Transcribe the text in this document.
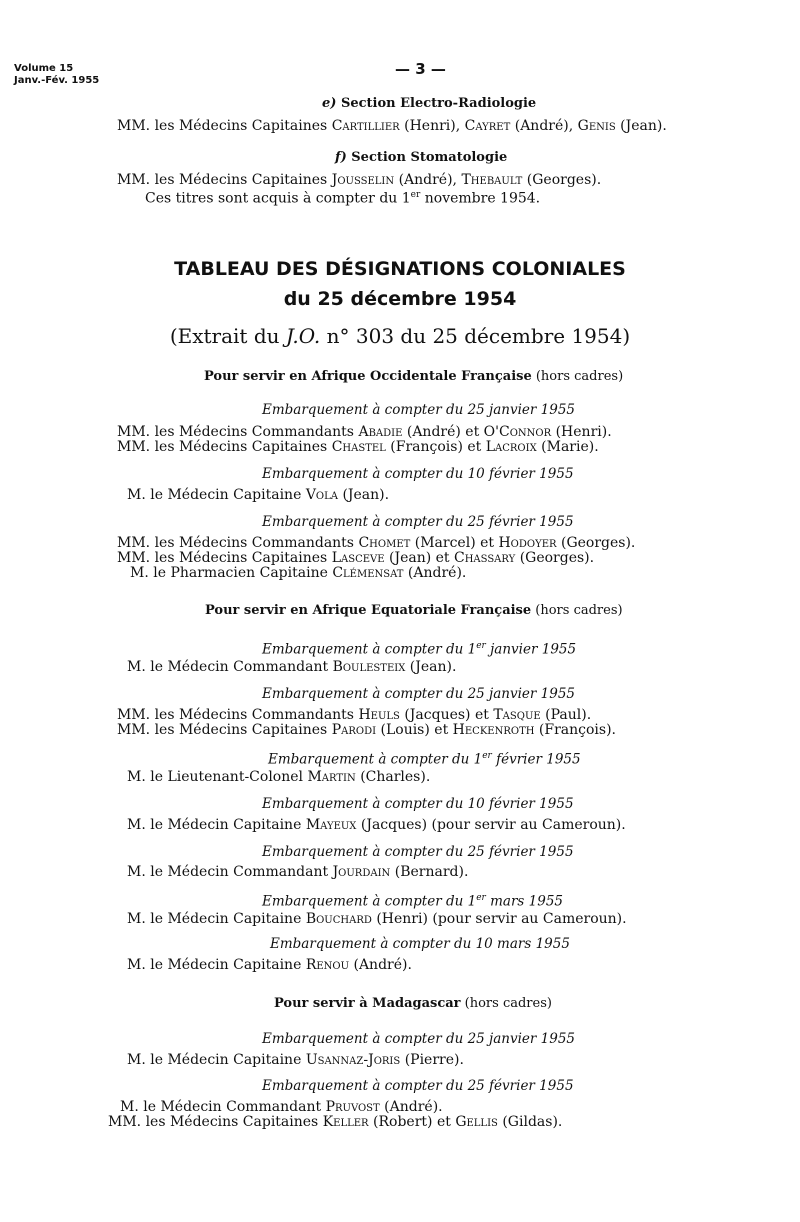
Volume 15
Janv.-Fév. 1955
— 3 —
e) Section Electro-Radiologie
MM. les Médecins Capitaines Cartillier (Henri), Cayret (André), Genis (Jean).
f) Section Stomatologie
MM. les Médecins Capitaines Jousselin (André), Thebault (Georges).
Ces titres sont acquis à compter du 1er novembre 1954.
TABLEAU DES DÉSIGNATIONS COLONIALES
du 25 décembre 1954
(Extrait du J.O. n° 303 du 25 décembre 1954)
Pour servir en Afrique Occidentale Française (hors cadres)
Embarquement à compter du 25 janvier 1955
MM. les Médecins Commandants Abadie (André) et O'Connor (Henri).
MM. les Médecins Capitaines Chastel (François) et Lacroix (Marie).
Embarquement à compter du 10 février 1955
M. le Médecin Capitaine Vola (Jean).
Embarquement à compter du 25 février 1955
MM. les Médecins Commandants Chomet (Marcel) et Hodoyer (Georges).
MM. les Médecins Capitaines Lasceve (Jean) et Chassary (Georges).
M. le Pharmacien Capitaine Clémensat (André).
Pour servir en Afrique Equatoriale Française (hors cadres)
Embarquement à compter du 1er janvier 1955
M. le Médecin Commandant Boulesteix (Jean).
Embarquement à compter du 25 janvier 1955
MM. les Médecins Commandants Heuls (Jacques) et Tasque (Paul).
MM. les Médecins Capitaines Parodi (Louis) et Heckenroth (François).
Embarquement à compter du 1er février 1955
M. le Lieutenant-Colonel Martin (Charles).
Embarquement à compter du 10 février 1955
M. le Médecin Capitaine Mayeux (Jacques) (pour servir au Cameroun).
Embarquement à compter du 25 février 1955
M. le Médecin Commandant Jourdain (Bernard).
Embarquement à compter du 1er mars 1955
M. le Médecin Capitaine Bouchard (Henri) (pour servir au Cameroun).
Embarquement à compter du 10 mars 1955
M. le Médecin Capitaine Renou (André).
Pour servir à Madagascar (hors cadres)
Embarquement à compter du 25 janvier 1955
M. le Médecin Capitaine Usannaz-Joris (Pierre).
Embarquement à compter du 25 février 1955
M. le Médecin Commandant Pruvost (André).
MM. les Médecins Capitaines Keller (Robert) et Gellis (Gildas).
